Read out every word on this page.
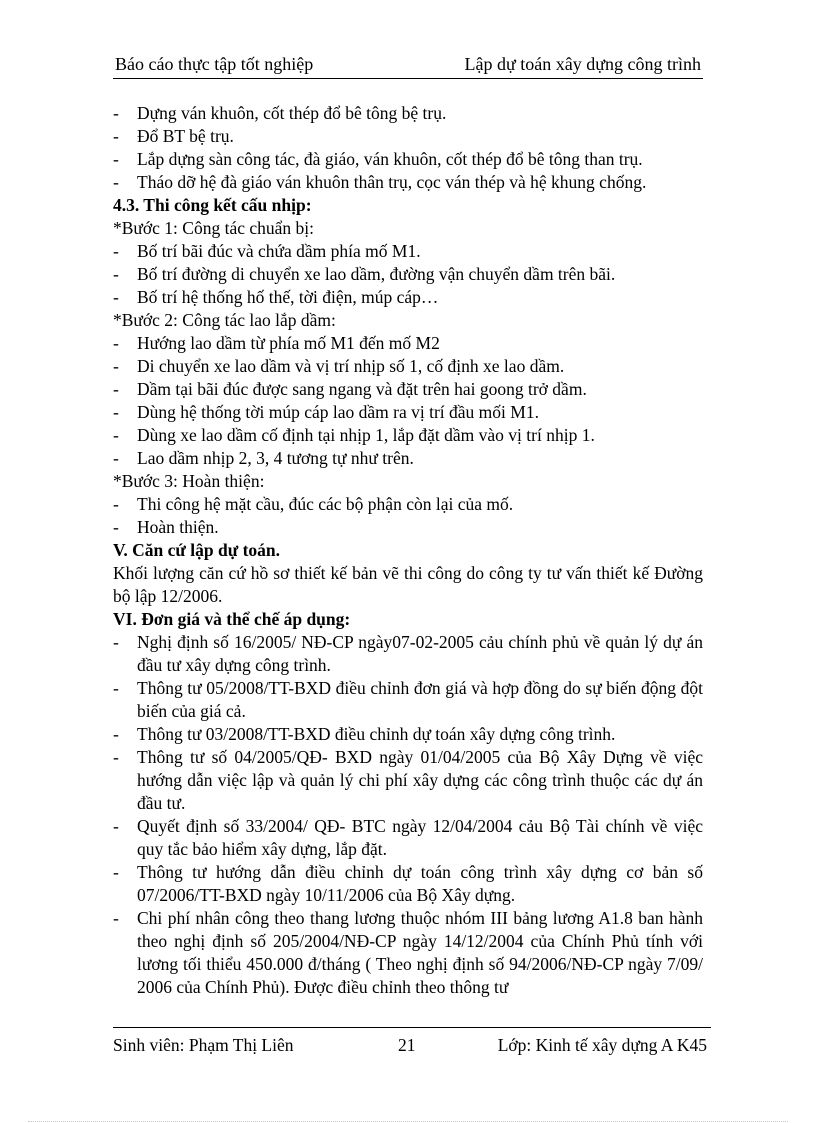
Báo cáo thực tập tốt nghiệp	Lập dự toán xây dựng công trình
- Dựng ván khuôn, cốt thép đổ bê tông bệ trụ.
- Đổ BT bệ trụ.
- Lắp dựng sàn công tác, đà giáo, ván khuôn, cốt thép đổ bê tông than trụ.
- Tháo dỡ hệ đà giáo ván khuôn thân trụ, cọc ván thép và hệ khung chống.
4.3. Thi công kết cấu nhịp:
*Bước 1: Công tác chuẩn bị:
- Bố trí bãi đúc và chứa dầm phía mố M1.
- Bố trí đường di chuyển xe lao dầm, đường vận chuyển dầm trên bãi.
- Bố trí hệ thống hố thế, tời điện, múp cáp…
*Bước 2: Công tác lao lắp dầm:
- Hướng lao dầm từ phía mố M1 đến mố M2
- Di chuyển xe lao dầm và vị trí nhịp số 1, cố định xe lao dầm.
- Dầm tại bãi đúc được sang ngang và đặt trên hai goong trở dầm.
- Dùng hệ thống tời múp cáp lao dầm ra vị trí đầu mối M1.
- Dùng xe lao dầm cố định tại nhịp 1, lắp đặt dầm vào vị trí nhịp 1.
- Lao dầm nhịp 2, 3, 4 tương tự như trên.
*Bước 3: Hoàn thiện:
- Thi công hệ mặt cầu, đúc các bộ phận còn lại của mố.
- Hoàn thiện.
V. Căn cứ lập dự toán.
Khối lượng căn cứ hồ sơ thiết kế bản vẽ thi công do công ty tư vấn thiết kế Đường bộ lập 12/2006.
VI. Đơn giá và thể chế áp dụng:
- Nghị định số 16/2005/ NĐ-CP ngày07-02-2005 cảu chính phủ về quản lý dự án đầu tư xây dựng công trình.
- Thông tư 05/2008/TT-BXD điều chỉnh đơn giá và hợp đồng do sự biến động đột biến của giá cả.
- Thông tư 03/2008/TT-BXD điều chỉnh dự toán xây dựng công trình.
- Thông tư số 04/2005/QĐ- BXD ngày 01/04/2005 của Bộ Xây Dựng về việc hướng dẫn việc lập và quản lý chi phí xây dựng các công trình thuộc các dự án đầu tư.
- Quyết định số 33/2004/ QĐ- BTC ngày 12/04/2004 cảu Bộ Tài chính về việc quy tắc bảo hiểm xây dựng, lắp đặt.
- Thông tư hướng dẫn điều chỉnh dự toán công trình xây dựng cơ bản số 07/2006/TT-BXD ngày 10/11/2006 của Bộ Xây dựng.
- Chi phí nhân công theo thang lương thuộc nhóm III bảng lương A1.8 ban hành theo nghị định số 205/2004/NĐ-CP ngày 14/12/2004 của Chính Phủ tính với lương tối thiểu 450.000 đ/tháng ( Theo nghị định số 94/2006/NĐ-CP ngày 7/09/ 2006 của Chính Phủ). Được điều chỉnh theo thông tư
Sinh viên: Phạm Thị Liên	21	Lớp: Kinh tế xây dựng A K45
